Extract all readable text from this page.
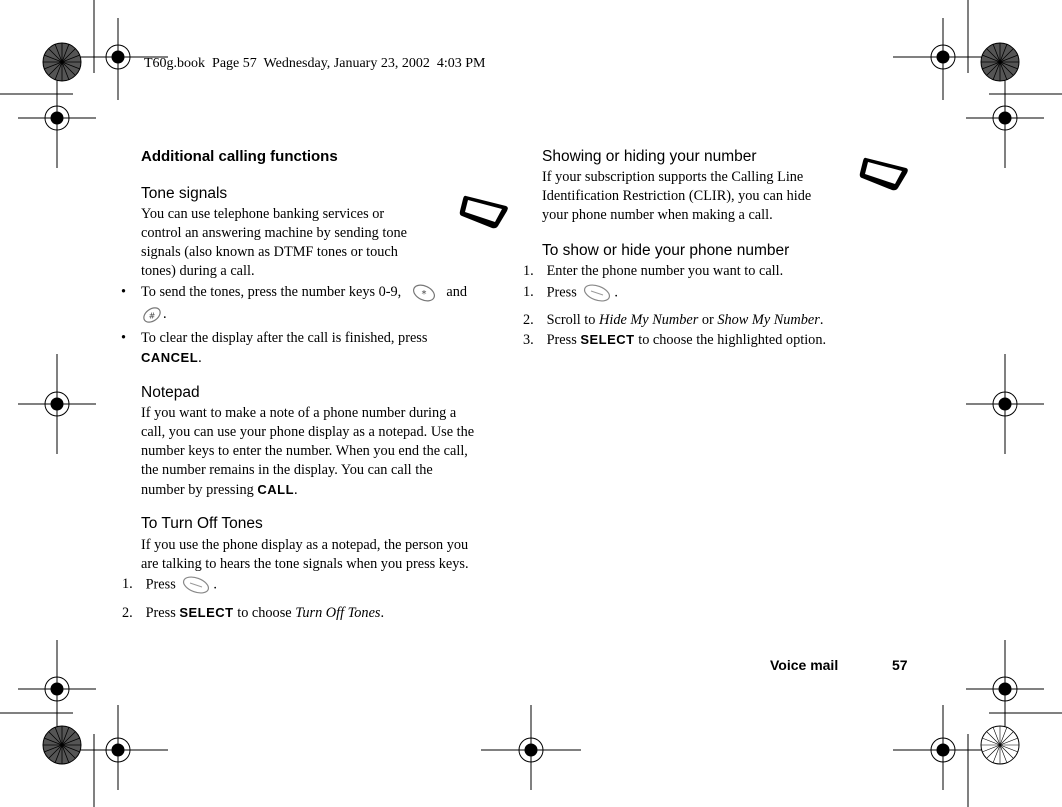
T60g.book  Page 57  Wednesday, January 23, 2002  4:03 PM
Additional calling functions
Tone signals
You can use telephone banking services or
control an answering machine by sending tone
signals (also known as DTMF tones or touch
tones) during a call.
• To send the tones, press the number keys 0-9, * and
# .
• To clear the display after the call is finished, press
CANCEL.
Notepad
If you want to make a note of a phone number during a
call, you can use your phone display as a notepad. Use the
number keys to enter the number. When you end the call,
the number remains in the display. You can call the
number by pressing CALL.
To Turn Off Tones
If you use the phone display as a notepad, the person you
are talking to hears the tone signals when you press keys.
1. Press	.
2. Press SELECT to choose Turn Off Tones.
Showing or hiding your number
If your subscription supports the Calling Line
Identification Restriction (CLIR), you can hide
your phone number when making a call.
To show or hide your phone number
1. Enter the phone number you want to call.
1. Press	.
2. Scroll to Hide My Number or Show My Number.
3. Press SELECT to choose the highlighted option.
Voice mail	57
